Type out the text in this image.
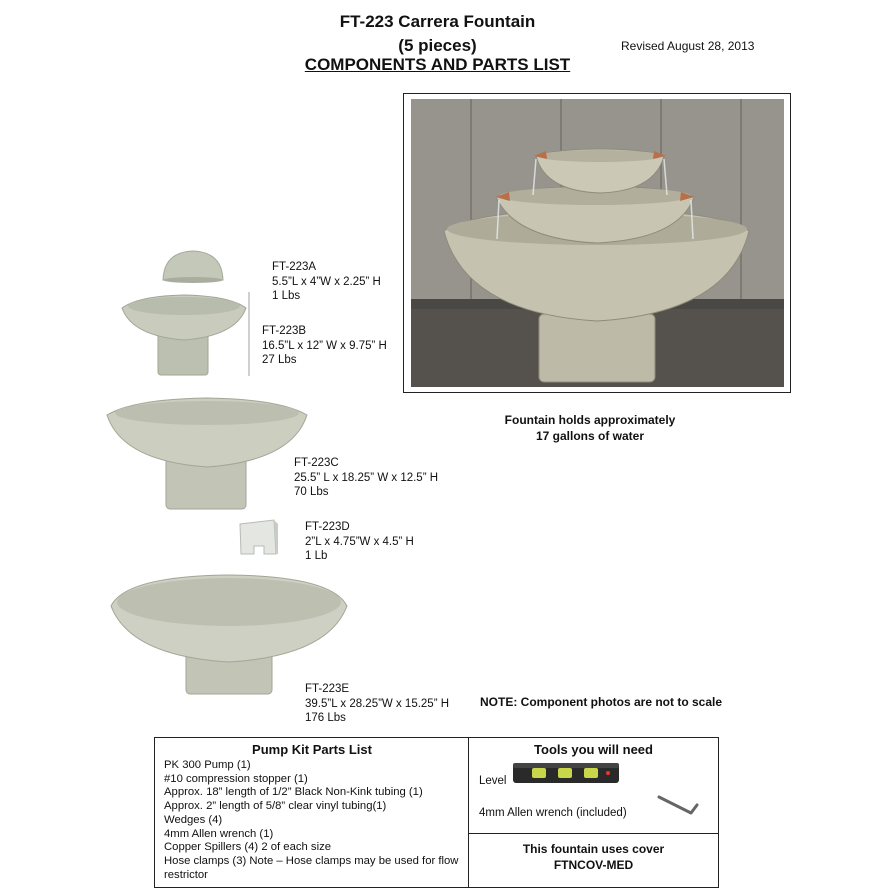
FT-223 Carrera Fountain
(5 pieces)
COMPONENTS AND PARTS LIST
Revised August 28, 2013
FT-223A
5.5”L x 4”W x 2.25” H
1 Lbs
FT-223B
16.5”L x 12” W x 9.75” H
27 Lbs
FT-223C
25.5” L x 18.25” W x 12.5” H
70 Lbs
FT-223D
2”L x 4.75”W x 4.5” H
1 Lb
FT-223E
39.5”L x 28.25”W x 15.25” H
176 Lbs
Fountain holds approximately
17 gallons of water
NOTE: Component photos are not to scale
Pump Kit Parts List
PK 300 Pump (1)
#10 compression stopper (1)
Approx. 18” length of 1/2” Black Non-Kink tubing (1)
Approx. 2” length of 5/8” clear vinyl tubing(1)
Wedges (4)
4mm Allen wrench (1)
Copper Spillers (4) 2 of each size
Hose clamps (3) Note – Hose clamps may be used for flow restrictor
Tools you will need
Level
4mm Allen wrench (included)
This fountain uses cover
FTNCOV-MED
